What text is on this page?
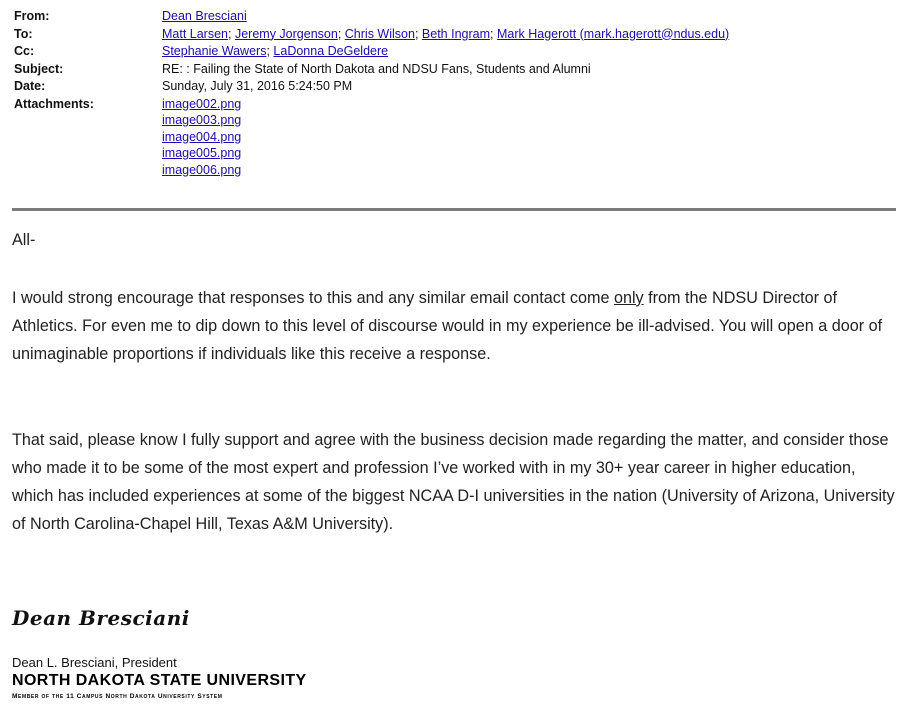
From:	Dean Bresciani
To:	Matt Larsen; Jeremy Jorgenson; Chris Wilson; Beth Ingram; Mark Hagerott (mark.hagerott@ndus.edu)
Cc:	Stephanie Wawers; LaDonna DeGeldere
Subject:	RE: : Failing the State of North Dakota and NDSU Fans, Students and Alumni
Date:	Sunday, July 31, 2016 5:24:50 PM
Attachments:	image002.png
image003.png
image004.png
image005.png
image006.png

All-

I would strong encourage that responses to this and any similar email contact come only from the NDSU Director of Athletics. For even me to dip down to this level of discourse would in my experience be ill-advised. You will open a door of unimaginable proportions if individuals like this receive a response.

That said, please know I fully support and agree with the business decision made regarding the matter, and consider those who made it to be some of the most expert and profession I’ve worked with in my 30+ year career in higher education, which has included experiences at some of the biggest NCAA D-I universities in the nation (University of Arizona, University of North Carolina-Chapel Hill, Texas A&M University).

Dean Bresciani
Dean L. Bresciani, President
NORTH DAKOTA STATE UNIVERSITY
Member of the 11 Campus North Dakota University System
